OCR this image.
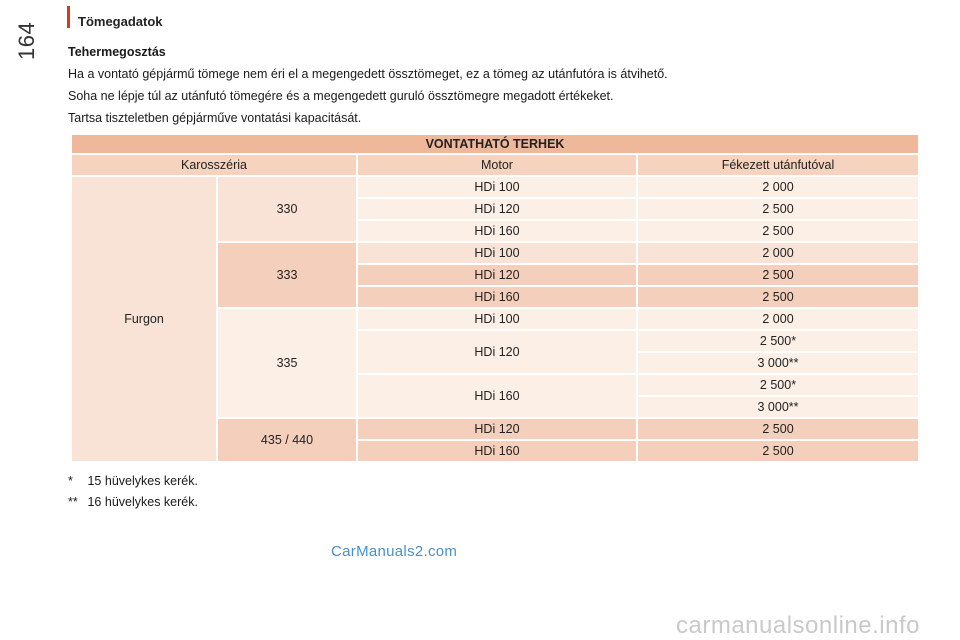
164
Tömegadatok
Tehermegosztás
Ha a vontató gépjármű tömege nem éri el a megengedett össztömeget, ez a tömeg az utánfutóra is átvihető.
Soha ne lépje túl az utánfutó tömegére és a megengedett guruló össztömegre megadott értékeket.
Tartsa tiszteletben gépjárműve vontatási kapacitását.
VONTATHATÓ TERHEK			
Karosszéria		Motor	Fékezett utánfutóval
Furgon	330	HDi 100	2 000
		HDi 120	2 500
		HDi 160	2 500
	333	HDi 100	2 000
		HDi 120	2 500
		HDi 160	2 500
	335	HDi 100	2 000
		HDi 120	2 500*
			3 000**
		HDi 160	2 500*
			3 000**
	435 / 440	HDi 120	2 500
		HDi 160	2 500
* 15 hüvelykes kerék.
** 16 hüvelykes kerék.
CarManuals2.com
carmanualsonline.info
